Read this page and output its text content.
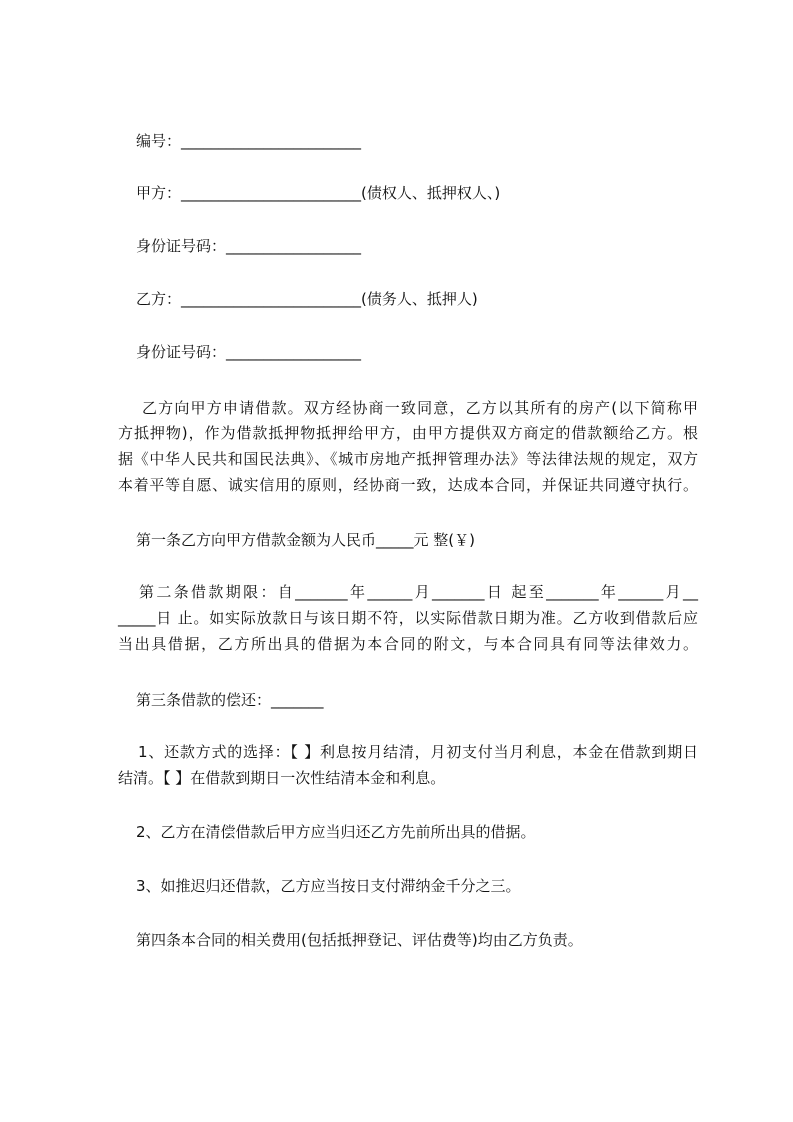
编号：________________________
甲方：________________________(债权人、抵押权人、)
身份证号码：__________________
乙方：________________________(债务人、抵押人)
身份证号码：__________________
乙方向甲方申请借款。双方经协商一致同意，乙方以其所有的房产(以下简称甲
方抵押物)，作为借款抵押物抵押给甲方，由甲方提供双方商定的借款额给乙方。根
据《中华人民共和国民法典》、《城市房地产抵押管理办法》等法律法规的规定，双方
本着平等自愿、诚实信用的原则，经协商一致，达成本合同，并保证共同遵守执行。
第一条乙方向甲方借款金额为人民币_____元 整(￥)
第二条借款期限：自_______年______月_______日 起至_______年______月__
_____日 止。如实际放款日与该日期不符，以实际借款日期为准。乙方收到借款后应
当出具借据，乙方所出具的借据为本合同的附文，与本合同具有同等法律效力。
第三条借款的偿还：_______
1、还款方式的选择：【 】利息按月结清，月初支付当月利息，本金在借款到期日
结清。【 】在借款到期日一次性结清本金和利息。
2、乙方在清偿借款后甲方应当归还乙方先前所出具的借据。
3、如推迟归还借款，乙方应当按日支付滞纳金千分之三。
第四条本合同的相关费用(包括抵押登记、评估费等)均由乙方负责。
